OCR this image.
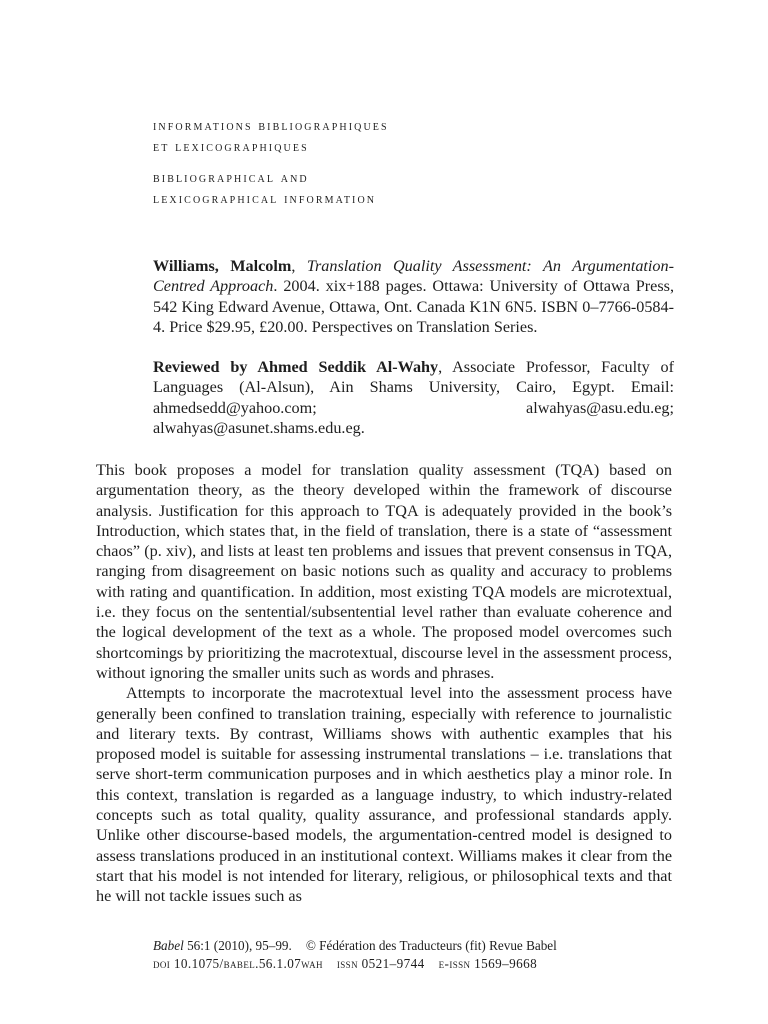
informations bibliographiques
et lexicographiques
bibliographical and
lexicographical information

Williams, Malcolm, Translation Quality Assessment: An Argumentation-Centred Approach. 2004. xix+188 pages. Ottawa: University of Ottawa Press, 542 King Edward Avenue, Ottawa, Ont. Canada K1N 6N5. ISBN 0–7766-0584-4. Price $29.95, £20.00. Perspectives on Translation Series.

Reviewed by Ahmed Seddik Al-Wahy, Associate Professor, Faculty of Languages (Al-Alsun), Ain Shams University, Cairo, Egypt. Email: ahmedsedd@yahoo.com; alwahyas@asu.edu.eg; alwahyas@asunet.shams.edu.eg.

This book proposes a model for translation quality assessment (TQA) based on argumentation theory, as the theory developed within the framework of discourse analysis. Justification for this approach to TQA is adequately provided in the book’s Introduction, which states that, in the field of translation, there is a state of “assessment chaos” (p. xiv), and lists at least ten problems and issues that prevent consensus in TQA, ranging from disagreement on basic notions such as quality and accuracy to problems with rating and quantification. In addition, most existing TQA models are microtextual, i.e. they focus on the sentential/subsentential level rather than evaluate coherence and the logical development of the text as a whole. The proposed model overcomes such shortcomings by prioritizing the macrotextual, discourse level in the assessment process, without ignoring the smaller units such as words and phrases.

Attempts to incorporate the macrotextual level into the assessment process have generally been confined to translation training, especially with reference to journalistic and literary texts. By contrast, Williams shows with authentic examples that his proposed model is suitable for assessing instrumental translations – i.e. translations that serve short-term communication purposes and in which aesthetics play a minor role. In this context, translation is regarded as a language industry, to which industry-related concepts such as total quality, quality assurance, and professional standards apply. Unlike other discourse-based models, the argumentation-centred model is designed to assess translations produced in an institutional context. Williams makes it clear from the start that his model is not intended for literary, religious, or philosophical texts and that he will not tackle issues such as

Babel 56:1 (2010), 95–99. © Fédération des Traducteurs (fit) Revue Babel
doi 10.1075/babel.56.1.07wah issn 0521–9744 e-issn 1569–9668
